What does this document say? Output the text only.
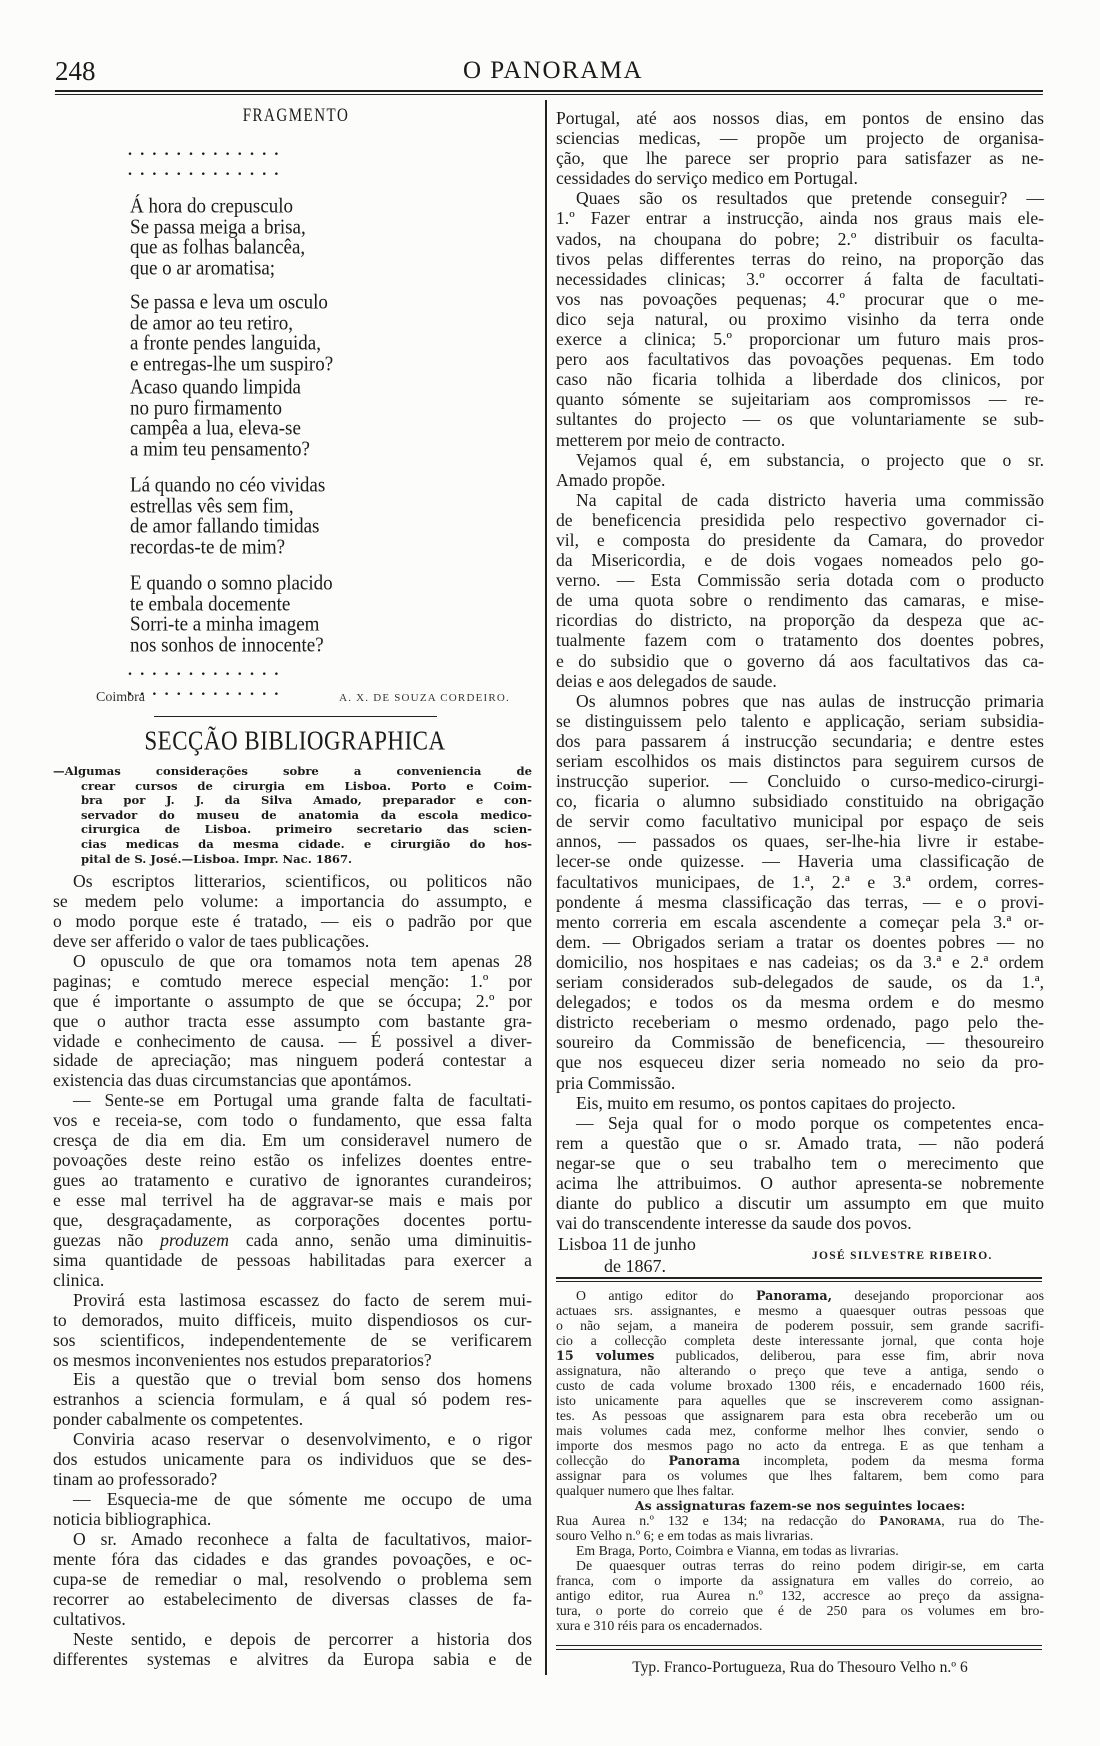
248	O PANORAMA
FRAGMENTO
.............
.............
Á hora do crepusculo
Se passa meiga a brisa,
que as folhas balancêa,
que o ar aromatisa;
Se passa e leva um osculo
de amor ao teu retiro,
a fronte pendes languida,
e entregas-lhe um suspiro?
Acaso quando limpida
no puro firmamento
campêa a lua, eleva-se
a mim teu pensamento?
Lá quando no céo vividas
estrellas vês sem fim,
de amor fallando timidas
recordas-te de mim?
E quando o somno placido
te embala docemente
Sorri-te a minha imagem
nos sonhos de innocente?
.............
.............
Coimbra	A. X. DE SOUZA CORDEIRO.
SECÇÃO BIBLIOGRAPHICA
—Algumas considerações sobre a conveniencia de
crear cursos de cirurgia em Lisboa. Porto e Coim-
bra por J. J. da Silva Amado, preparador e con-
servador do museu de anatomia da escola medico-
cirurgica de Lisboa. primeiro secretario das scien-
cias medicas da mesma cidade. e cirurgião do hos-
pital de S. José.—Lisboa. Impr. Nac. 1867.
Os escriptos litterarios, scientificos, ou politicos não
se medem pelo volume: a importancia do assumpto, e
o modo porque este é tratado, — eis o padrão por que
deve ser afferido o valor de taes publicações.
O opusculo de que ora tomamos nota tem apenas 28
paginas; e comtudo merece especial menção: 1.º por
que é importante o assumpto de que se óccupa; 2.º por
que o author tracta esse assumpto com bastante gra-
vidade e conhecimento de causa. — É possivel a diver-
sidade de apreciação; mas ninguem poderá contestar a
existencia das duas circumstancias que apontámos.
— Sente-se em Portugal uma grande falta de facultati-
vos e receia-se, com todo o fundamento, que essa falta
cresça de dia em dia. Em um consideravel numero de
povoações deste reino estão os infelizes doentes entre-
gues ao tratamento e curativo de ignorantes curandeiros;
e esse mal terrivel ha de aggravar-se mais e mais por
que, desgraçadamente, as corporações docentes portu-
guezas não produzem cada anno, senão uma diminuitis-
sima quantidade de pessoas habilitadas para exercer a
clinica.
Provirá esta lastimosa escassez do facto de serem mui-
to demorados, muito difficeis, muito dispendiosos os cur-
sos scientificos, independentemente de se verificarem
os mesmos inconvenientes nos estudos preparatorios?
Eis a questão que o trevial bom senso dos homens
estranhos a sciencia formulam, e á qual só podem res-
ponder cabalmente os competentes.
Conviria acaso reservar o desenvolvimento, e o rigor
dos estudos unicamente para os individuos que se des-
tinam ao professorado?
— Esquecia-me de que sómente me occupo de uma
noticia bibliographica.
O sr. Amado reconhece a falta de facultativos, maior-
mente fóra das cidades e das grandes povoações, e oc-
cupa-se de remediar o mal, resolvendo o problema sem
recorrer ao estabelecimento de diversas classes de fa-
cultativos.
Neste sentido, e depois de percorrer a historia dos
differentes systemas e alvitres da Europa sabia e de
Portugal, até aos nossos dias, em pontos de ensino das
sciencias medicas, — propõe um projecto de organisa-
ção, que lhe parece ser proprio para satisfazer as ne-
cessidades do serviço medico em Portugal.
Quaes são os resultados que pretende conseguir? —
1.º Fazer entrar a instrucção, ainda nos graus mais ele-
vados, na choupana do pobre; 2.º distribuir os faculta-
tivos pelas differentes terras do reino, na proporção das
necessidades clinicas; 3.º occorrer á falta de facultati-
vos nas povoações pequenas; 4.º procurar que o me-
dico seja natural, ou proximo visinho da terra onde
exerce a clinica; 5.º proporcionar um futuro mais pros-
pero aos facultativos das povoações pequenas. Em todo
caso não ficaria tolhida a liberdade dos clinicos, por
quanto sómente se sujeitariam aos compromissos — re-
sultantes do projecto — os que voluntariamente se sub-
metterem por meio de contracto.
Vejamos qual é, em substancia, o projecto que o sr.
Amado propõe.
Na capital de cada districto haveria uma commissão
de beneficencia presidida pelo respectivo governador ci-
vil, e composta do presidente da Camara, do provedor
da Misericordia, e de dois vogaes nomeados pelo go-
verno. — Esta Commissão seria dotada com o producto
de uma quota sobre o rendimento das camaras, e mise-
ricordias do districto, na proporção da despeza que ac-
tualmente fazem com o tratamento dos doentes pobres,
e do subsidio que o governo dá aos facultativos das ca-
deias e aos delegados de saude.
Os alumnos pobres que nas aulas de instrucção primaria
se distinguissem pelo talento e applicação, seriam subsidia-
dos para passarem á instrucção secundaria; e dentre estes
seriam escolhidos os mais distinctos para seguirem cursos de
instrucção superior. — Concluido o curso-medico-cirurgi-
co, ficaria o alumno subsidiado constituido na obrigação
de servir como facultativo municipal por espaço de seis
annos, — passados os quaes, ser-lhe-hia livre ir estabe-
lecer-se onde quizesse. — Haveria uma classificação de
facultativos municipaes, de 1.ª, 2.ª e 3.ª ordem, corres-
pondente á mesma classificação das terras, — e o provi-
mento correria em escala ascendente a começar pela 3.ª or-
dem. — Obrigados seriam a tratar os doentes pobres — no
domicilio, nos hospitaes e nas cadeias; os da 3.ª e 2.ª ordem
seriam considerados sub-delegados de saude, os da 1.ª,
delegados; e todos os da mesma ordem e do mesmo
districto receberiam o mesmo ordenado, pago pelo the-
soureiro da Commissão de beneficencia, — thesoureiro
que nos esqueceu dizer seria nomeado no seio da pro-
pria Commissão.
Eis, muito em resumo, os pontos capitaes do projecto.
— Seja qual for o modo porque os competentes enca-
rem a questão que o sr. Amado trata, — não poderá
negar-se que o seu trabalho tem o merecimento que
acima lhe attribuimos. O author apresenta-se nobremente
diante do publico a discutir um assumpto em que muito
vai do transcendente interesse da saude dos povos.
Lisboa 11 de junho
de 1867.	JOSÉ SILVESTRE RIBEIRO.
O antigo editor do Panorama, desejando proporcionar aos
actuaes srs. assignantes, e mesmo a quaesquer outras pessoas que
o não sejam, a maneira de poderem possuir, sem grande sacrifi-
cio a collecção completa deste interessante jornal, que conta hoje
15 volumes publicados, deliberou, para esse fim, abrir nova
assignatura, não alterando o preço que teve a antiga, sendo o
custo de cada volume broxado 1300 réis, e encadernado 1600 réis,
isto unicamente para aquelles que se inscreverem como assignan-
tes. As pessoas que assignarem para esta obra receberão um ou
mais volumes cada mez, conforme melhor lhes convier, sendo o
importe dos mesmos pago no acto da entrega. E as que tenham a
collecção do Panorama incompleta, podem da mesma forma
assignar para os volumes que lhes faltarem, bem como para
qualquer numero que lhes faltar.
As assignaturas fazem-se nos seguintes locaes:
Rua Aurea n.º 132 e 134; na redacção do Panorama, rua do The-
souro Velho n.º 6; e em todas as mais livrarias.
Em Braga, Porto, Coimbra e Vianna, em todas as livrarias.
De quaesquer outras terras do reino podem dirigir-se, em carta
franca, com o importe da assignatura em valles do correio, ao
antigo editor, rua Aurea n.º 132, accresce ao preço da assigna-
tura, o porte do correio que é de 250 para os volumes em bro-
xura e 310 réis para os encadernados.
Typ. Franco-Portugueza, Rua do Thesouro Velho n.º 6
